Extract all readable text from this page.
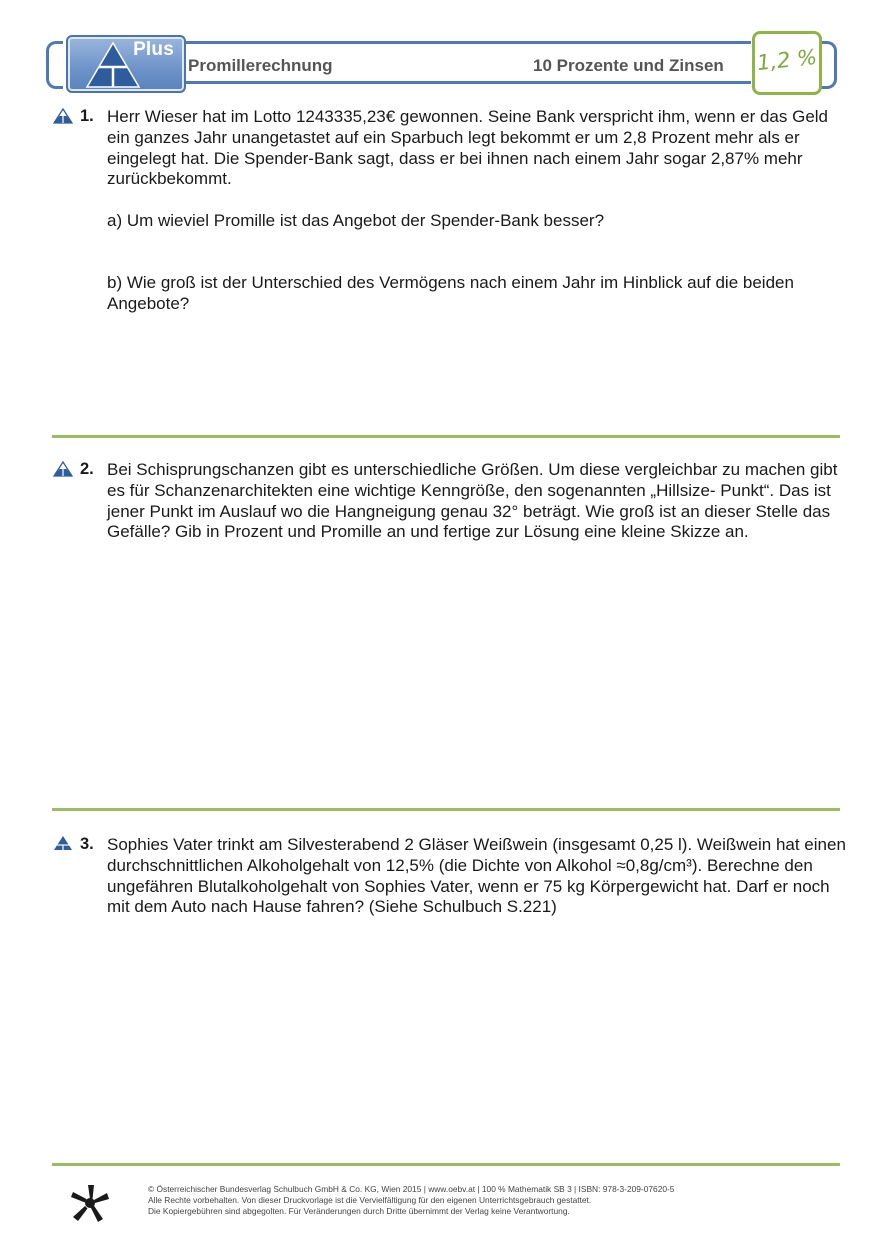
Plus
Promillerechnung	10 Prozente und Zinsen 1,2 %
1. Herr Wieser hat im Lotto 1243335,23€ gewonnen. Seine Bank verspricht ihm, wenn er das Geld ein ganzes Jahr unangetastet auf ein Sparbuch legt bekommt er um 2,8 Prozent mehr als er eingelegt hat. Die Spender-Bank sagt, dass er bei ihnen nach einem Jahr sogar 2,87% mehr zurückbekommt.
a) Um wieviel Promille ist das Angebot der Spender-Bank besser?
b) Wie groß ist der Unterschied des Vermögens nach einem Jahr im Hinblick auf die beiden Angebote?
2. Bei Schisprungschanzen gibt es unterschiedliche Größen. Um diese vergleichbar zu machen gibt es für Schanzenarchitekten eine wichtige Kenngröße, den sogenannten „Hillsize- Punkt“. Das ist jener Punkt im Auslauf wo die Hangneigung genau 32° beträgt. Wie groß ist an dieser Stelle das Gefälle? Gib in Prozent und Promille an und fertige zur Lösung eine kleine Skizze an.
3. Sophies Vater trinkt am Silvesterabend 2 Gläser Weißwein (insgesamt 0,25 l). Weißwein hat einen durchschnittlichen Alkoholgehalt von 12,5% (die Dichte von Alkohol ≈0,8g/cm³). Berechne den ungefähren Blutalkoholgehalt von Sophies Vater, wenn er 75 kg Körpergewicht hat. Darf er noch mit dem Auto nach Hause fahren? (Siehe Schulbuch S.221)
© Österreichischer Bundesverlag Schulbuch GmbH & Co. KG, Wien 2015 | www.oebv.at | 100 % Mathematik SB 3 | ISBN: 978-3-209-07620-5
Alle Rechte vorbehalten. Von dieser Druckvorlage ist die Vervielfältigung für den eigenen Unterrichtsgebrauch gestattet.
Die Kopiergebühren sind abgegolten. Für Veränderungen durch Dritte übernimmt der Verlag keine Verantwortung.
